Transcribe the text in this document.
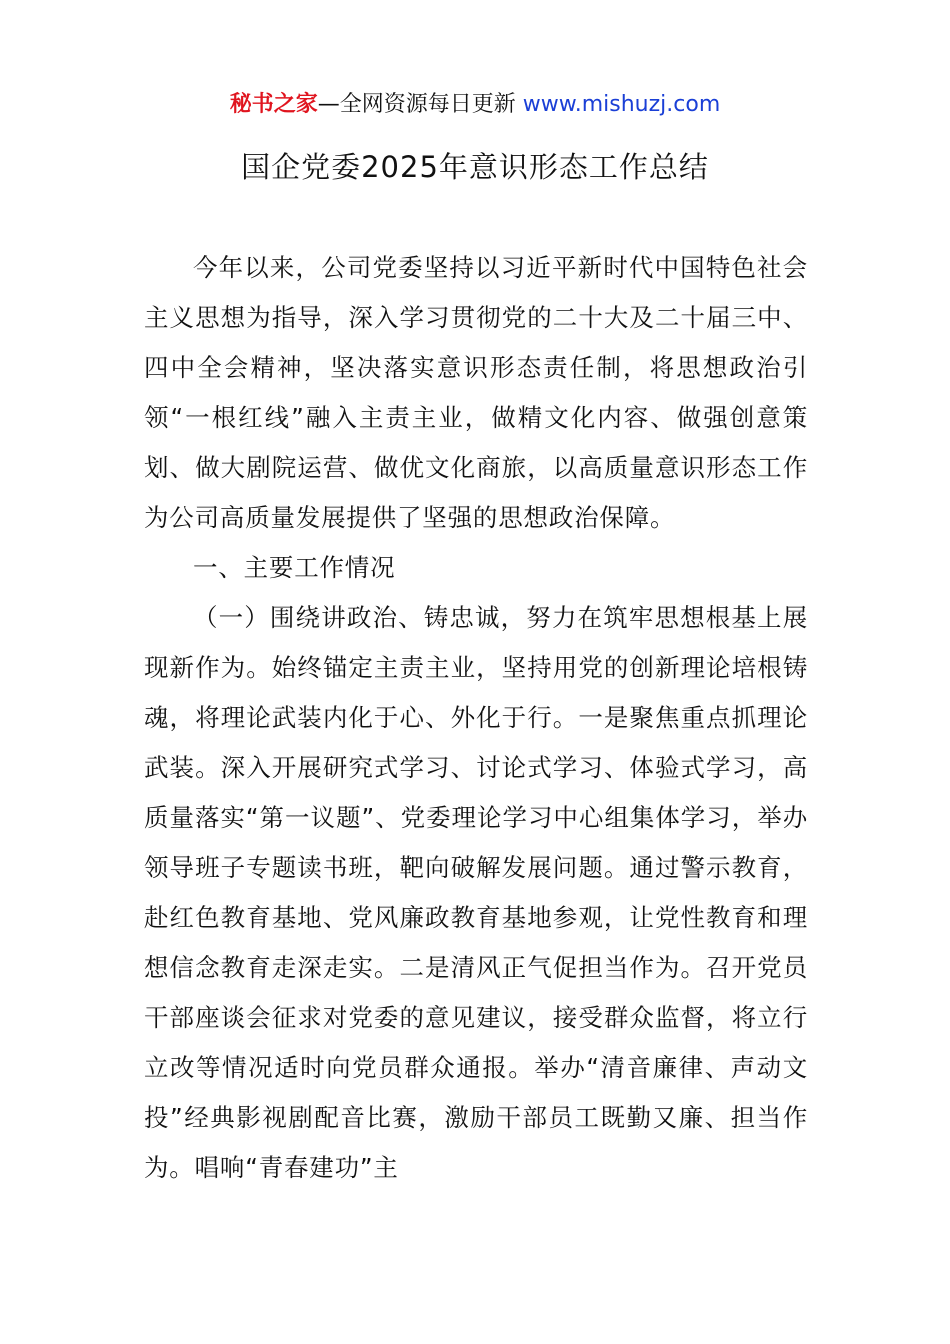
秘书之家—全网资源每日更新 www.mishuzj.com
国企党委2025年意识形态工作总结

今年以来，公司党委坚持以习近平新时代中国特色社会主义思想为指导，深入学习贯彻党的二十大及二十届三中、四中全会精神，坚决落实意识形态责任制，将思想政治引领“一根红线”融入主责主业，做精文化内容、做强创意策划、做大剧院运营、做优文化商旅，以高质量意识形态工作为公司高质量发展提供了坚强的思想政治保障。

一、主要工作情况

（一）围绕讲政治、铸忠诚，努力在筑牢思想根基上展现新作为。始终锚定主责主业，坚持用党的创新理论培根铸魂，将理论武装内化于心、外化于行。一是聚焦重点抓理论武装。深入开展研究式学习、讨论式学习、体验式学习，高质量落实“第一议题”、党委理论学习中心组集体学习，举办领导班子专题读书班，靶向破解发展问题。通过警示教育，赴红色教育基地、党风廉政教育基地参观，让党性教育和理想信念教育走深走实。二是清风正气促担当作为。召开党员干部座谈会征求对党委的意见建议，接受群众监督，将立行立改等情况适时向党员群众通报。举办“清音廉律、声动文投”经典影视剧配音比赛，激励干部员工既勤又廉、担当作为。唱响“青春建功”主
